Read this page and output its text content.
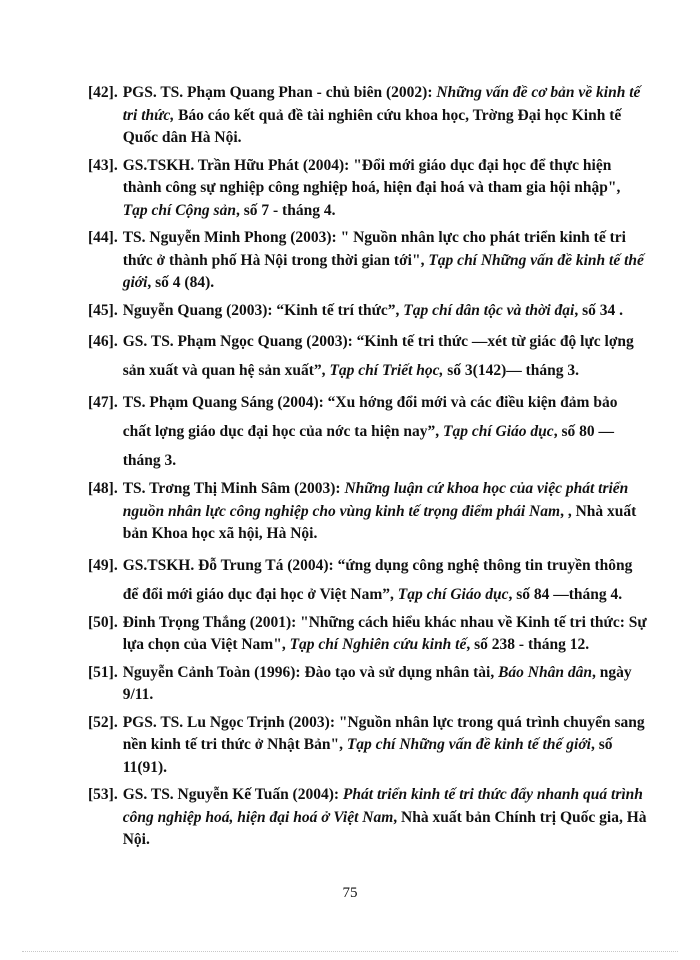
[42]. PGS. TS. Phạm Quang Phan - chủ biên (2002): Những vấn đề cơ bản về kinh tế tri thức, Báo cáo kết quả đề tài nghiên cứu khoa học, Trờng Đại học Kinh tế Quốc dân Hà Nội.
[43]. GS.TSKH. Trần Hữu Phát (2004): "Đổi mới giáo dục đại học để thực hiện thành công sự nghiệp công nghiệp hoá, hiện đại hoá và tham gia hội nhập", Tạp chí Cộng sản, số 7 - tháng 4.
[44]. TS. Nguyễn Minh Phong (2003): " Nguồn nhân lực cho phát triển kinh tế tri thức ở thành phố Hà Nội trong thời gian tới", Tạp chí Những vấn đề kinh tế thế giới, số 4 (84).
[45]. Nguyễn Quang (2003): “Kinh tế trí thức”, Tạp chí dân tộc và thời đại, số 34 .
[46]. GS. TS. Phạm Ngọc Quang (2003): “Kinh tế tri thức —xét từ giác độ lực lợng sản xuất và quan hệ sản xuất”, Tạp chí Triết học, số 3(142)— tháng 3.
[47]. TS. Phạm Quang Sáng (2004): “Xu hớng đổi mới và các điều kiện đảm bảo chất lợng giáo dục đại học của nớc ta hiện nay”, Tạp chí Giáo dục, số 80 —tháng 3.
[48]. TS. Trơng Thị Minh Sâm (2003): Những luận cứ khoa học của việc phát triển nguồn nhân lực công nghiệp cho vùng kinh tế trọng điểm phái Nam, , Nhà xuất bản Khoa học xã hội, Hà Nội.
[49]. GS.TSKH. Đỗ Trung Tá (2004): “ứng dụng công nghệ thông tin truyền thông để đổi mới giáo dục đại học ở Việt Nam”, Tạp chí Giáo dục, số 84 —tháng 4.
[50]. Đinh Trọng Thắng (2001): "Những cách hiểu khác nhau về Kinh tế tri thức: Sự lựa chọn của Việt Nam", Tạp chí Nghiên cứu kinh tế, số 238 - tháng 12.
[51]. Nguyễn Cảnh Toàn (1996): Đào tạo và sử dụng nhân tài, Báo Nhân dân, ngày 9/11.
[52]. PGS. TS. Lu Ngọc Trịnh (2003): "Nguồn nhân lực trong quá trình chuyển sang nền kinh tế tri thức ở Nhật Bản", Tạp chí Những vấn đề kinh tế thế giới, số 11(91).
[53]. GS. TS. Nguyễn Kế Tuấn (2004): Phát triển kinh tế tri thức đẩy nhanh quá trình công nghiệp hoá, hiện đại hoá ở Việt Nam, Nhà xuất bản Chính trị Quốc gia, Hà Nội.
75
